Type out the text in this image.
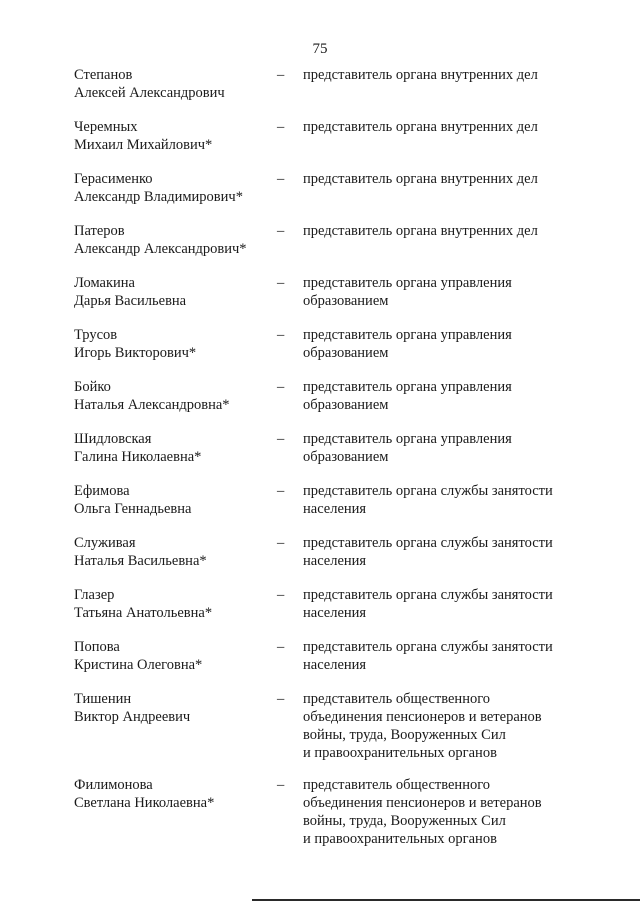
75
Степанов
Алексей Александрович
– представитель органа внутренних дел
Черемных
Михаил Михайлович*
– представитель органа внутренних дел
Герасименко
Александр Владимирович*
– представитель органа внутренних дел
Патеров
Александр Александрович*
– представитель органа внутренних дел
Ломакина
Дарья Васильевна
– представитель органа управления
образованием
Трусов
Игорь Викторович*
– представитель органа управления
образованием
Бойко
Наталья Александровна*
– представитель органа управления
образованием
Шидловская
Галина Николаевна*
– представитель органа управления
образованием
Ефимова
Ольга Геннадьевна
– представитель органа службы занятости
населения
Служивая
Наталья Васильевна*
– представитель органа службы занятости
населения
Глазер
Татьяна Анатольевна*
– представитель органа службы занятости
населения
Попова
Кристина Олеговна*
– представитель органа службы занятости
населения
Тишенин
Виктор Андреевич
– представитель общественного
объединения пенсионеров и ветеранов
войны, труда, Вооруженных Сил
и правоохранительных органов
Филимонова
Светлана Николаевна*
– представитель общественного
объединения пенсионеров и ветеранов
войны, труда, Вооруженных Сил
и правоохранительных органов
